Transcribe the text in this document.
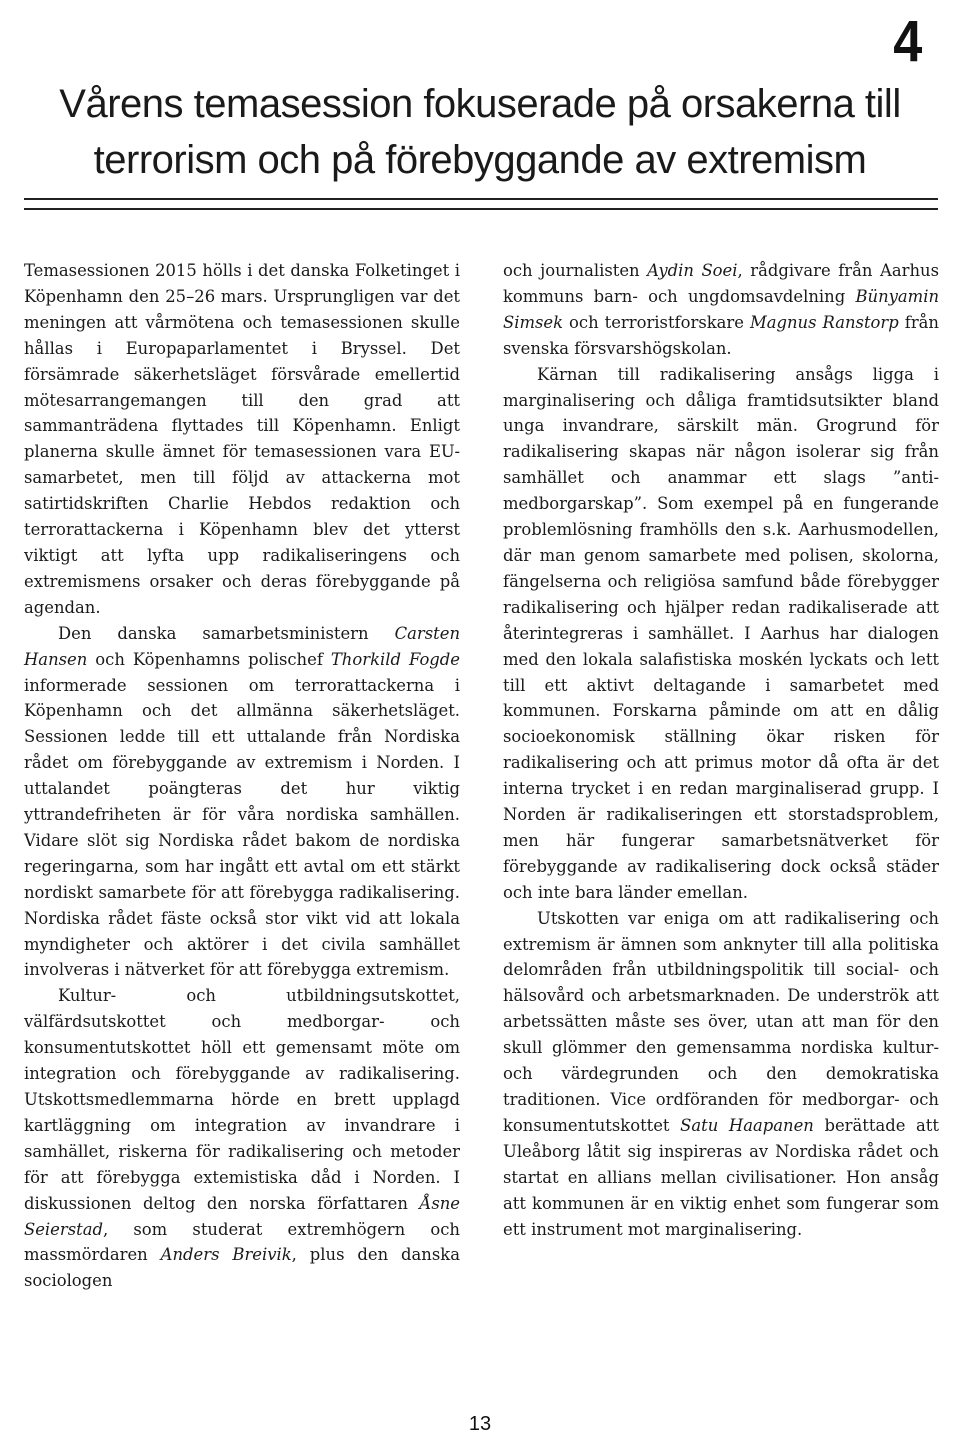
4
Vårens temasession fokuserade på orsakerna till
terrorism och på förebyggande av extremism

Temasessionen 2015 hölls i det danska Folketinget i Köpenhamn den 25–26 mars. Ursprungligen var det meningen att vårmötena och temasessionen skulle hållas i Europaparlamentet i Bryssel. Det försämrade säkerhetsläget försvårade emellertid mötesarrangemangen till den grad att sammanträdena flyttades till Köpenhamn. Enligt planerna skulle ämnet för temasessionen vara EU-samarbetet, men till följd av attackerna mot satirtidskriften Charlie Hebdos redaktion och terrorattackerna i Köpenhamn blev det ytterst viktigt att lyfta upp radikaliseringens och extremismens orsaker och deras förebyggande på agendan.

Den danska samarbetsministern Carsten Hansen och Köpenhamns polischef Thorkild Fogde informerade sessionen om terrorattackerna i Köpenhamn och det allmänna säkerhetsläget. Sessionen ledde till ett uttalande från Nordiska rådet om förebyggande av extremism i Norden. I uttalandet poängteras det hur viktig yttrandefriheten är för våra nordiska samhällen. Vidare slöt sig Nordiska rådet bakom de nordiska regeringarna, som har ingått ett avtal om ett stärkt nordiskt samarbete för att förebygga radikalisering. Nordiska rådet fäste också stor vikt vid att lokala myndigheter och aktörer i det civila samhället involveras i nätverket för att förebygga extremism.

Kultur- och utbildningsutskottet, välfärdsutskottet och medborgar- och konsumentutskottet höll ett gemensamt möte om integration och förebyggande av radikalisering. Utskottsmedlemmarna hörde en brett upplagd kartläggning om integration av invandrare i samhället, riskerna för radikalisering och metoder för att förebygga extemistiska dåd i Norden. I diskussionen deltog den norska författaren Åsne Seierstad, som studerat extremhögern och massmördaren Anders Breivik, plus den danska sociologen

och journalisten Aydin Soei, rådgivare från Aarhus kommuns barn- och ungdomsavdelning Bünyamin Simsek och terroristforskare Magnus Ranstorp från svenska försvarshögskolan.

Kärnan till radikalisering ansågs ligga i marginalisering och dåliga framtidsutsikter bland unga invandrare, särskilt män. Grogrund för radikalisering skapas när någon isolerar sig från samhället och anammar ett slags ”anti-medborgarskap”. Som exempel på en fungerande problemlösning framhölls den s.k. Aarhusmodellen, där man genom samarbete med polisen, skolorna, fängelserna och religiösa samfund både förebygger radikalisering och hjälper redan radikaliserade att återintegreras i samhället. I Aarhus har dialogen med den lokala salafistiska moskén lyckats och lett till ett aktivt deltagande i samarbetet med kommunen. Forskarna påminde om att en dålig socioekonomisk ställning ökar risken för radikalisering och att primus motor då ofta är det interna trycket i en redan marginaliserad grupp. I Norden är radikaliseringen ett storstadsproblem, men här fungerar samarbetsnätverket för förebyggande av radikalisering dock också städer och inte bara länder emellan.

Utskotten var eniga om att radikalisering och extremism är ämnen som anknyter till alla politiska delområden från utbildningspolitik till social- och hälsovård och arbetsmarknaden. De underströk att arbetssätten måste ses över, utan att man för den skull glömmer den gemensamma nordiska kultur- och värdegrunden och den demokratiska traditionen. Vice ordföranden för medborgar- och konsumentutskottet Satu Haapanen berättade att Uleåborg låtit sig inspireras av Nordiska rådet och startat en allians mellan civilisationer. Hon ansåg att kommunen är en viktig enhet som fungerar som ett instrument mot marginalisering.

13
